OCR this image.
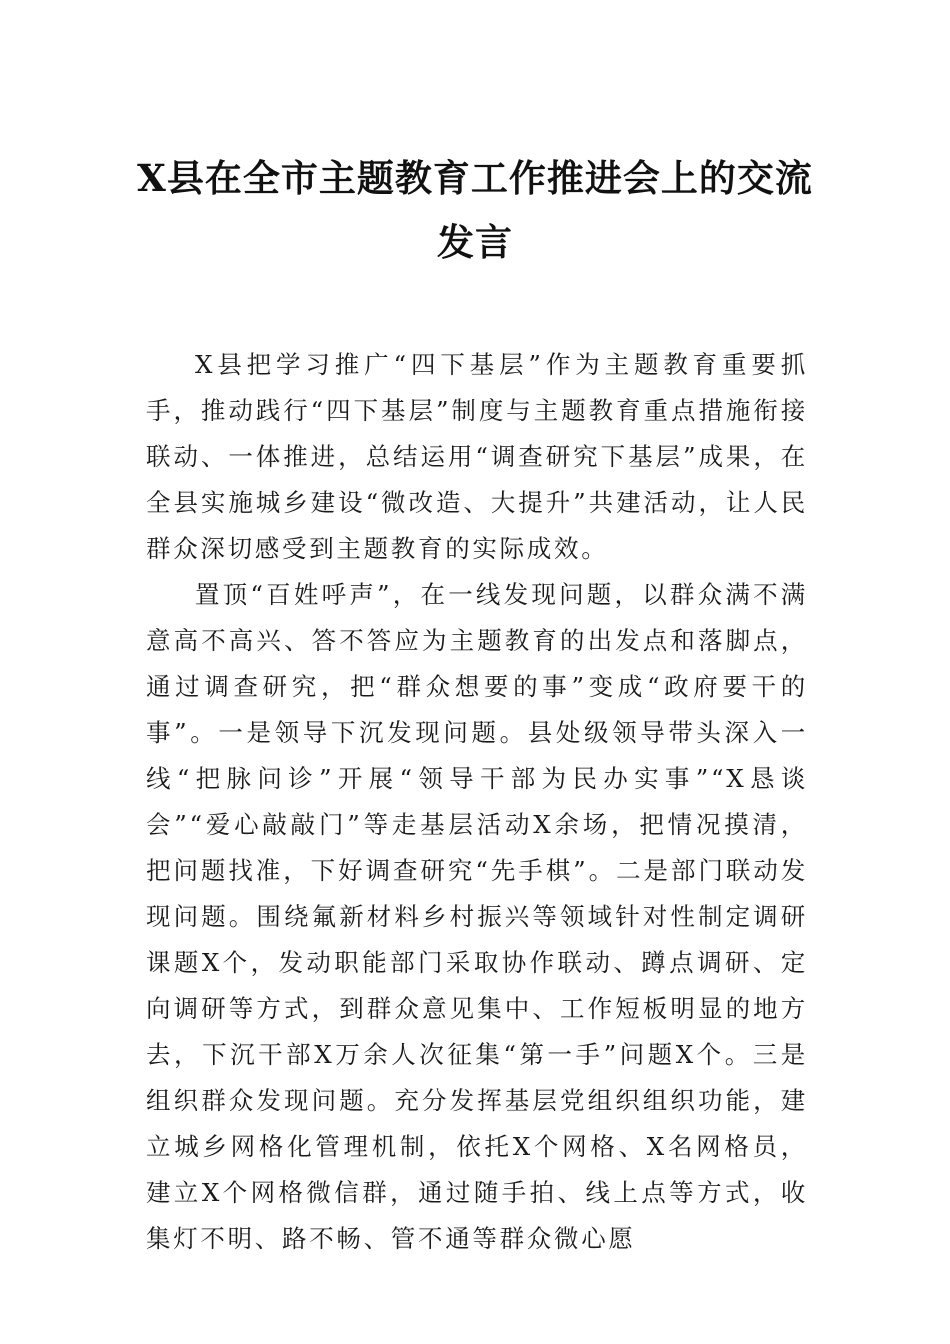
X县在全市主题教育工作推进会上的交流发言

X县把学习推广“四下基层”作为主题教育重要抓手，推动践行“四下基层”制度与主题教育重点措施衔接联动、一体推进，总结运用“调查研究下基层”成果，在全县实施城乡建设“微改造、大提升”共建活动，让人民群众深切感受到主题教育的实际成效。

置顶“百姓呼声”，在一线发现问题，以群众满不满意高不高兴、答不答应为主题教育的出发点和落脚点，通过调查研究，把“群众想要的事”变成“政府要干的事”。一是领导下沉发现问题。县处级领导带头深入一线“把脉问诊”开展“领导干部为民办实事”“X恳谈会”“爱心敲敲门”等走基层活动X余场，把情况摸清，把问题找准，下好调查研究“先手棋”。二是部门联动发现问题。围绕氟新材料乡村振兴等领域针对性制定调研课题X个，发动职能部门采取协作联动、蹲点调研、定向调研等方式，到群众意见集中、工作短板明显的地方去，下沉干部X万余人次征集“第一手”问题X个。三是组织群众发现问题。充分发挥基层党组织组织功能，建立城乡网格化管理机制，依托X个网格、X名网格员，建立X个网格微信群，通过随手拍、线上点等方式，收集灯不明、路不畅、管不通等群众微心愿
